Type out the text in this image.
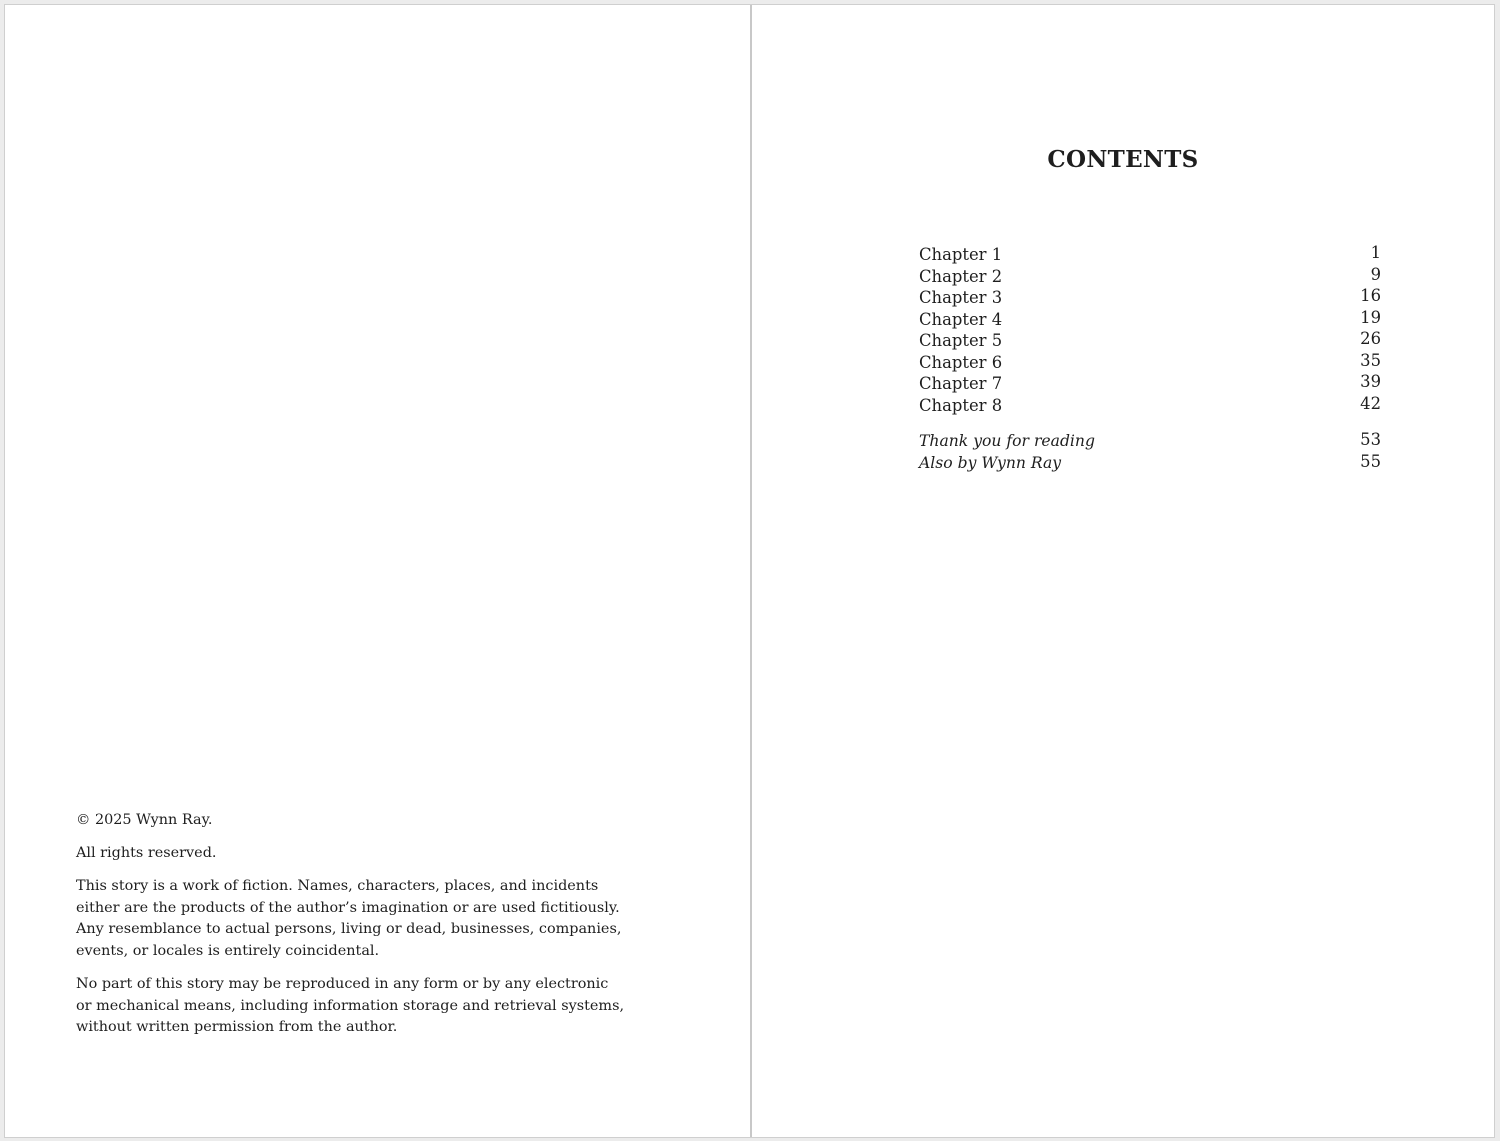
© 2025 Wynn Ray.

All rights reserved.

This story is a work of fiction. Names, characters, places, and incidents either are the products of the author’s imagination or are used fictitiously. Any resemblance to actual persons, living or dead, businesses, companies, events, or locales is entirely coincidental.

No part of this story may be reproduced in any form or by any electronic or mechanical means, including information storage and retrieval systems, without written permission from the author.

CONTENTS
Chapter 1	1
Chapter 2	9
Chapter 3	16
Chapter 4	19
Chapter 5	26
Chapter 6	35
Chapter 7	39
Chapter 8	42
Thank you for reading	53
Also by Wynn Ray	55
